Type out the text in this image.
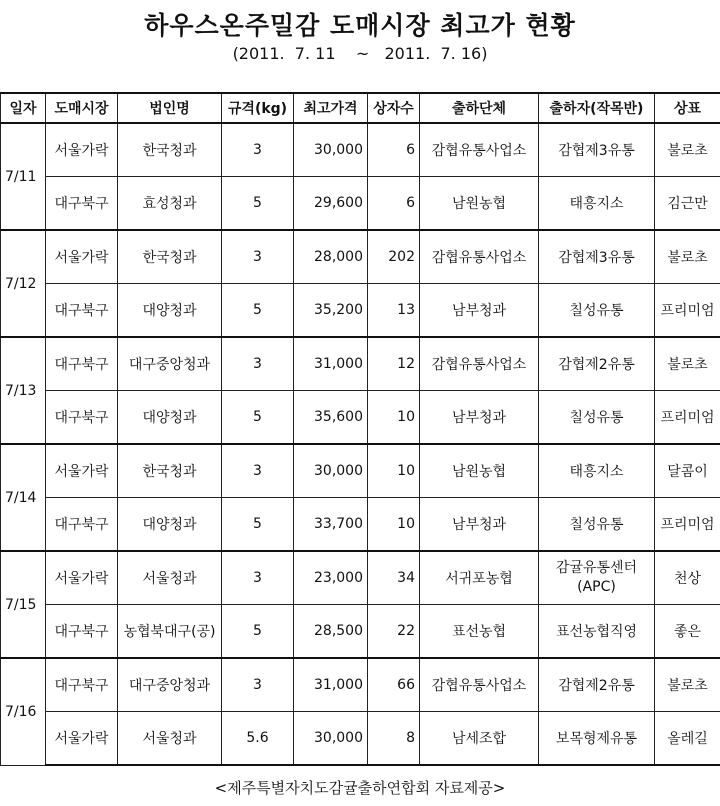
하우스온주밀감 도매시장 최고가 현황
(2011.  7. 11    ~   2011.  7. 16)
일자	도매시장	법인명	규격(kg)	최고가격	상자수	출하단체	출하자(작목반)	상표
7/11	서울가락	한국청과	3	30,000	6	감협유통사업소	감협제3유통	불로초
	대구북구	효성청과	5	29,600	6	남원농협	태흥지소	김근만
7/12	서울가락	한국청과	3	28,000	202	감협유통사업소	감협제3유통	불로초
	대구북구	대양청과	5	35,200	13	남부청과	칠성유통	프리미엄
7/13	대구북구	대구중앙청과	3	31,000	12	감협유통사업소	감협제2유통	불로초
	대구북구	대양청과	5	35,600	10	남부청과	칠성유통	프리미엄
7/14	서울가락	한국청과	3	30,000	10	남원농협	태흥지소	달콤이
	대구북구	대양청과	5	33,700	10	남부청과	칠성유통	프리미엄
7/15	서울가락	서울청과	3	23,000	34	서귀포농협	감귤유통센터 (APC)	천상
	대구북구	농협북대구(공)	5	28,500	22	표선농협	표선농협직영	좋은
7/16	대구북구	대구중앙청과	3	31,000	66	감협유통사업소	감협제2유통	불로초
	서울가락	서울청과	5.6	30,000	8	남세조합	보목형제유통	올레길
<제주특별자치도감귤출하연합회 자료제공>
